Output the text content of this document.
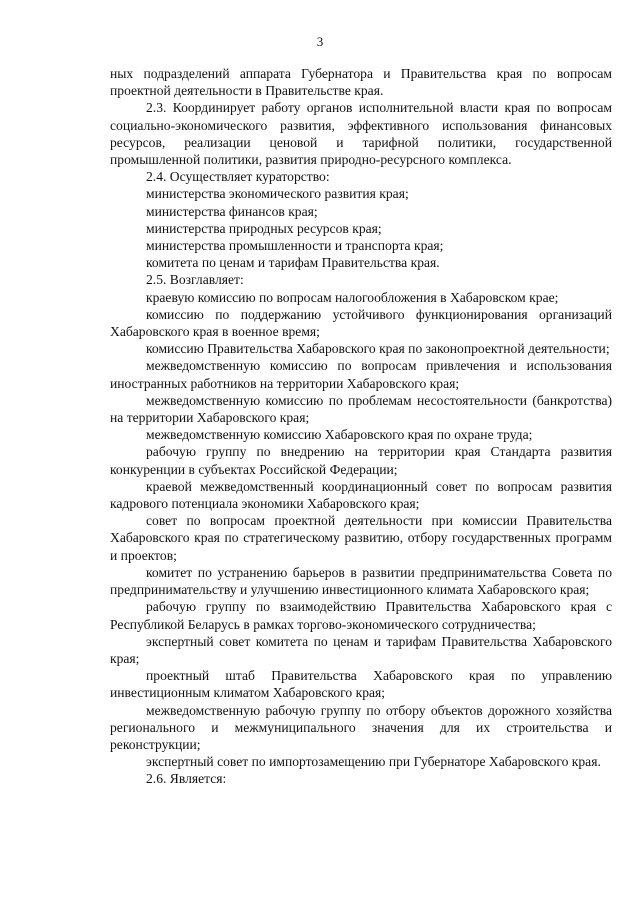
3

ных подразделений аппарата Губернатора и Правительства края по вопросам проектной деятельности в Правительстве края.

2.3. Координирует работу органов исполнительной власти края по вопросам социально-экономического развития, эффективного использования финансовых ресурсов, реализации ценовой и тарифной политики, государственной промышленной политики, развития природно-ресурсного комплекса.

2.4. Осуществляет кураторство:

министерства экономического развития края;

министерства финансов края;

министерства природных ресурсов края;

министерства промышленности и транспорта края;

комитета по ценам и тарифам Правительства края.

2.5. Возглавляет:

краевую комиссию по вопросам налогообложения в Хабаровском крае;

комиссию по поддержанию устойчивого функционирования организаций Хабаровского края в военное время;

комиссию Правительства Хабаровского края по законопроектной деятельности;

межведомственную комиссию по вопросам привлечения и использования иностранных работников на территории Хабаровского края;

межведомственную комиссию по проблемам несостоятельности (банкротства) на территории Хабаровского края;

межведомственную комиссию Хабаровского края по охране труда;

рабочую группу по внедрению на территории края Стандарта развития конкуренции в субъектах Российской Федерации;

краевой межведомственный координационный совет по вопросам развития кадрового потенциала экономики Хабаровского края;

совет по вопросам проектной деятельности при комиссии Правительства Хабаровского края по стратегическому развитию, отбору государственных программ и проектов;

комитет по устранению барьеров в развитии предпринимательства Совета по предпринимательству и улучшению инвестиционного климата Хабаровского края;

рабочую группу по взаимодействию Правительства Хабаровского края с Республикой Беларусь в рамках торгово-экономического сотрудничества;

экспертный совет комитета по ценам и тарифам Правительства Хабаровского края;

проектный штаб Правительства Хабаровского края по управлению инвестиционным климатом Хабаровского края;

межведомственную рабочую группу по отбору объектов дорожного хозяйства регионального и межмуниципального значения для их строительства и реконструкции;

экспертный совет по импортозамещению при Губернаторе Хабаровского края.

2.6. Является:
